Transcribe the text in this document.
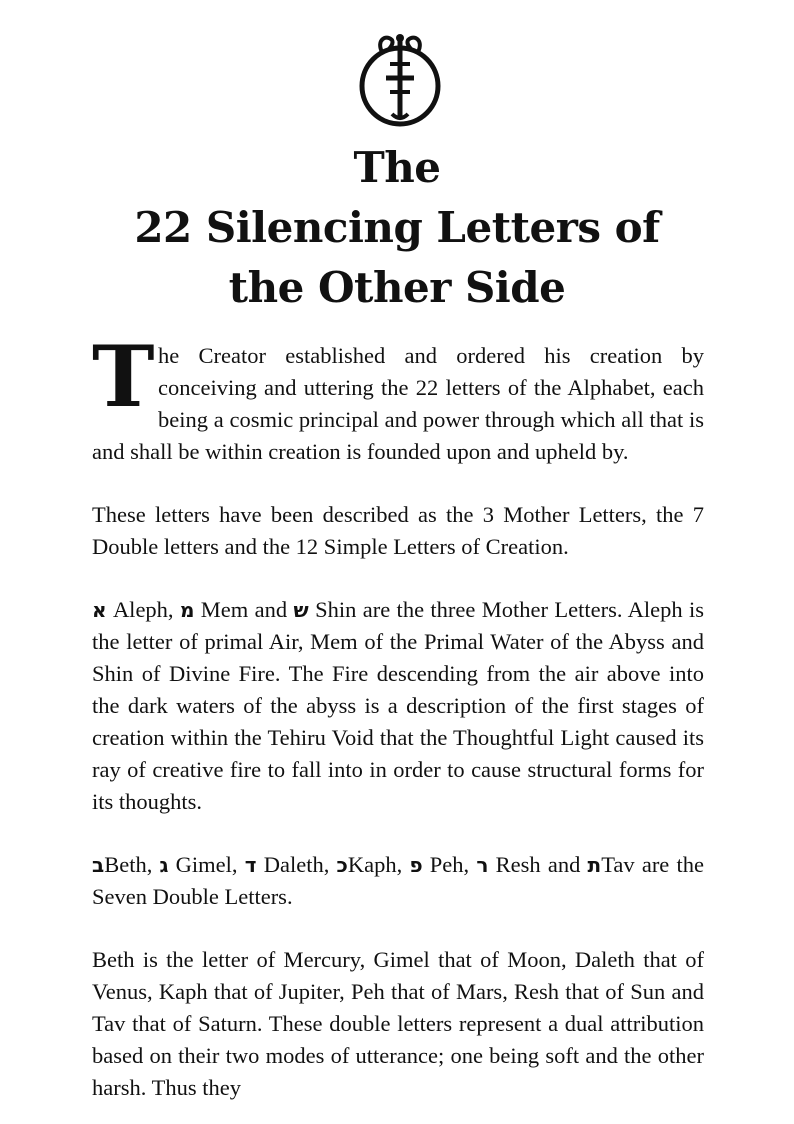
The
22 Silencing Letters of
the Other Side

The Creator established and ordered his creation by conceiving and uttering the 22 letters of the Alphabet, each being a cosmic principal and power through which all that is and shall be within creation is founded upon and upheld by.

These letters have been described as the 3 Mother Letters, the 7 Double letters and the 12 Simple Letters of Creation.

א Aleph, מ Mem and ש Shin are the three Mother Letters. Aleph is the letter of primal Air, Mem of the Primal Water of the Abyss and Shin of Divine Fire. The Fire descending from the air above into the dark waters of the abyss is a description of the first stages of creation within the Tehiru Void that the Thoughtful Light caused its ray of creative fire to fall into in order to cause structural forms for its thoughts.

בBeth, ג Gimel, ד Daleth, כKaph, פ Peh, ר Resh and תTav are the Seven Double Letters.

Beth is the letter of Mercury, Gimel that of Moon, Daleth that of Venus, Kaph that of Jupiter, Peh that of Mars, Resh that of Sun and Tav that of Saturn. These double letters represent a dual attribution based on their two modes of utterance; one being soft and the other harsh. Thus they
